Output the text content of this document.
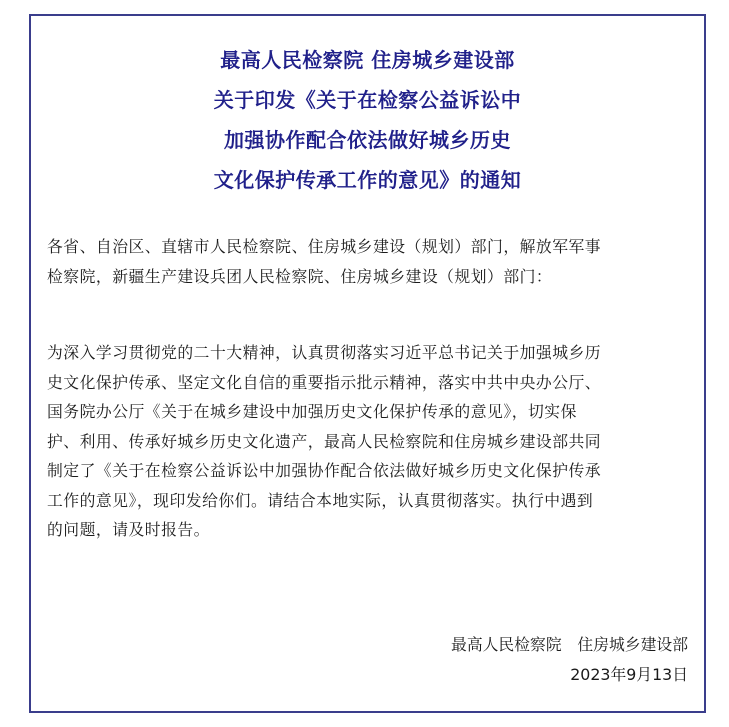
最高人民检察院 住房城乡建设部
关于印发《关于在检察公益诉讼中
加强协作配合依法做好城乡历史
文化保护传承工作的意见》的通知
各省、自治区、直辖市人民检察院、住房城乡建设（规划）部门，解放军军事
检察院，新疆生产建设兵团人民检察院、住房城乡建设（规划）部门：
为深入学习贯彻党的二十大精神，认真贯彻落实习近平总书记关于加强城乡历
史文化保护传承、坚定文化自信的重要指示批示精神，落实中共中央办公厅、
国务院办公厅《关于在城乡建设中加强历史文化保护传承的意见》，切实保
护、利用、传承好城乡历史文化遗产，最高人民检察院和住房城乡建设部共同
制定了《关于在检察公益诉讼中加强协作配合依法做好城乡历史文化保护传承
工作的意见》，现印发给你们。请结合本地实际，认真贯彻落实。执行中遇到
的问题，请及时报告。
最高人民检察院　住房城乡建设部
2023年9月13日
